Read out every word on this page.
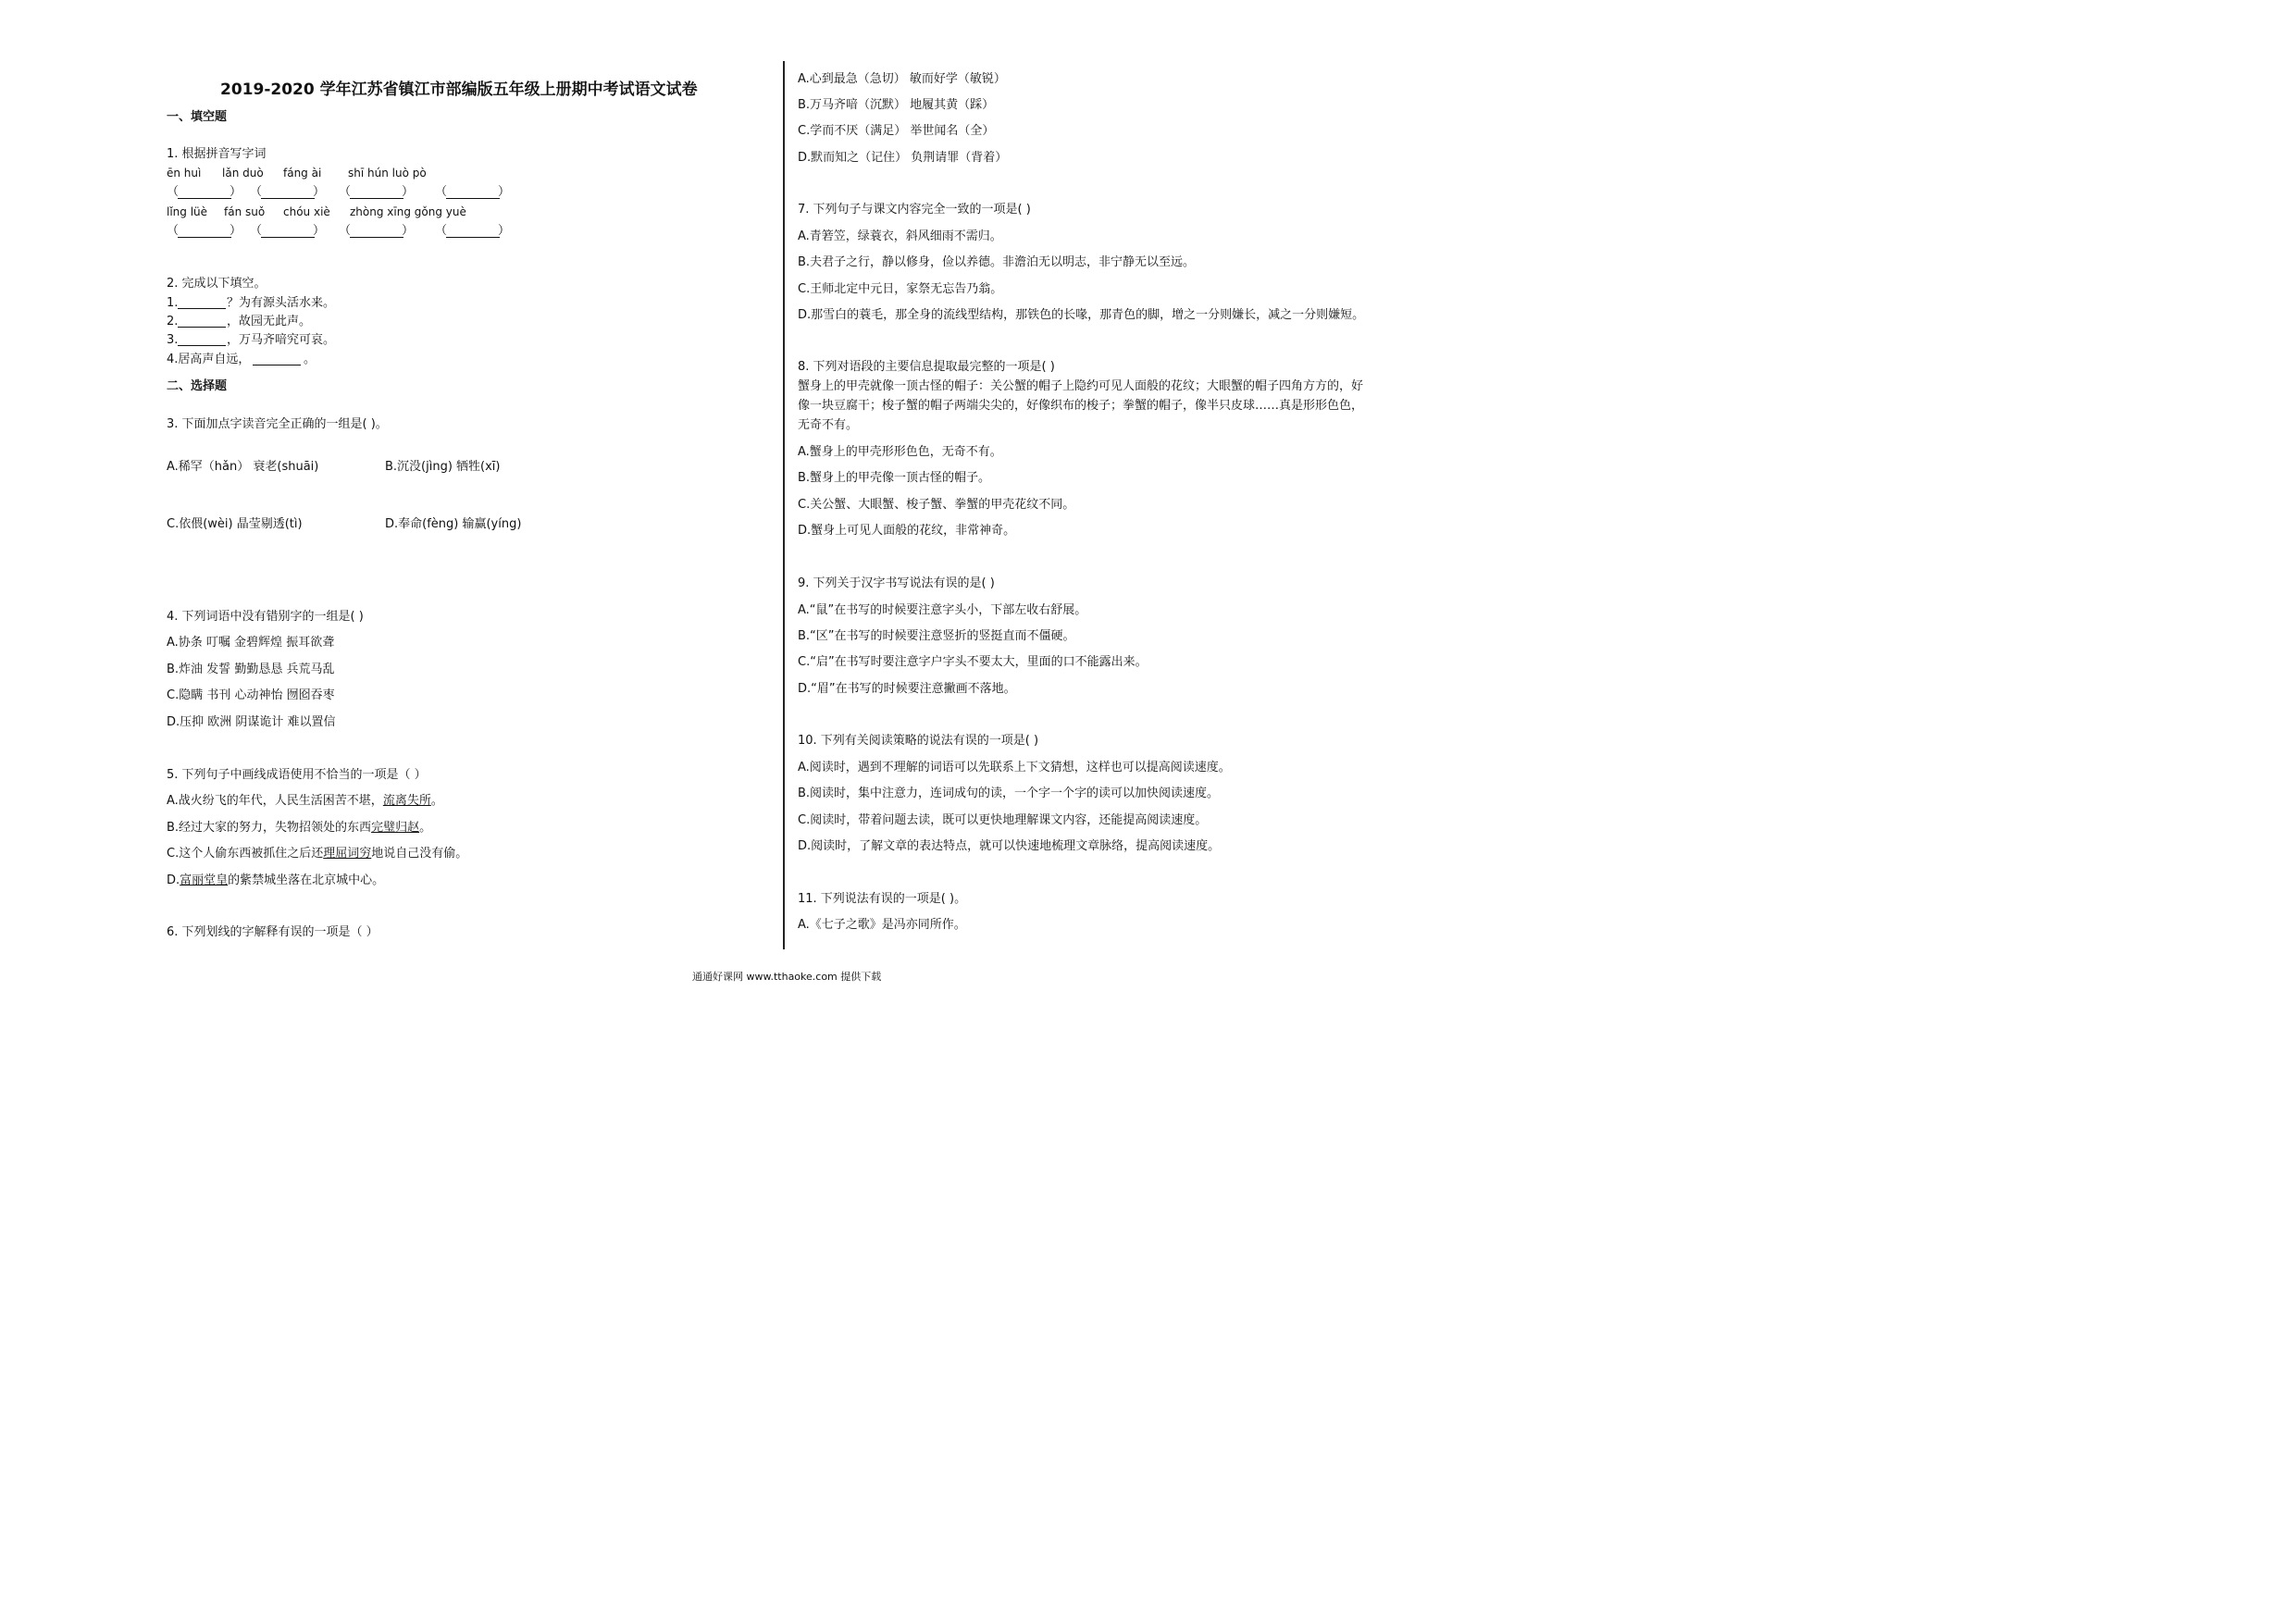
2019-2020 学年江苏省镇江市部编版五年级上册期中考试语文试卷
一、填空题
1. 根据拼音写字词
ēn huì lǎn duò fáng ài shī hún luò pò
（	） （	） （	） （	）
lǐng lüè fán suǒ chóu xiè zhòng xīng gǒng yuè
（	） （	） （	） （	）
2. 完成以下填空。
1.	？为有源头活水来。
2.	，故园无此声。
3.	，万马齐喑究可哀。
4.居高声自远，	。
二、选择题
3. 下面加点字读音完全正确的一组是( )。
A.稀罕（hǎn） 衰老(shuāi)	B.沉没(jìng) 牺牲(xī)
C.依偎(wèi) 晶莹剔透(tì)	D.奉命(fèng) 输赢(yíng)
4. 下列词语中没有错别字的一组是( )
A.协条 叮嘱 金碧辉煌 振耳欲聋
B.炸油 发誓 勤勤恳恳 兵荒马乱
C.隐瞒 书刊 心动神怡 囫囵吞枣
D.压抑 欧洲 阴谋诡计 难以置信
5. 下列句子中画线成语使用不恰当的一项是（ ）
A.战火纷飞的年代，人民生活困苦不堪，流离失所。
B.经过大家的努力，失物招领处的东西完璧归赵。
C.这个人偷东西被抓住之后还理屈词穷地说自己没有偷。
D.富丽堂皇的紫禁城坐落在北京城中心。
6. 下列划线的字解释有误的一项是（ ）
A.心到最急（急切） 敏而好学（敏锐）
B.万马齐喑（沉默） 地履其黄（踩）
C.学而不厌（满足） 举世闻名（全）
D.默而知之（记住） 负荆请罪（背着）
7. 下列句子与课文内容完全一致的一项是( )
A.青箬笠，绿蓑衣，斜风细雨不需归。
B.夫君子之行，静以修身，俭以养德。非澹泊无以明志，非宁静无以至远。
C.王师北定中元日，家祭无忘告乃翁。
D.那雪白的蓑毛，那全身的流线型结构，那铁色的长喙，那青色的脚，增之一分则嫌长，减之一分则嫌短。
8. 下列对语段的主要信息提取最完整的一项是( )
蟹身上的甲壳就像一顶古怪的帽子：关公蟹的帽子上隐约可见人面般的花纹；大眼蟹的帽子四角方方的，好
像一块豆腐干；梭子蟹的帽子两端尖尖的，好像织布的梭子；拳蟹的帽子，像半只皮球……真是形形色色，
无奇不有。
A.蟹身上的甲壳形形色色，无奇不有。
B.蟹身上的甲壳像一顶古怪的帽子。
C.关公蟹、大眼蟹、梭子蟹、拳蟹的甲壳花纹不同。
D.蟹身上可见人面般的花纹，非常神奇。
9. 下列关于汉字书写说法有误的是( )
A.“鼠”在书写的时候要注意字头小，下部左收右舒展。
B.“区”在书写的时候要注意竖折的竖挺直而不僵硬。
C.“启”在书写时要注意字户字头不要太大，里面的口不能露出来。
D.“眉”在书写的时候要注意撇画不落地。
10. 下列有关阅读策略的说法有误的一项是( )
A.阅读时，遇到不理解的词语可以先联系上下文猜想，这样也可以提高阅读速度。
B.阅读时，集中注意力，连词成句的读，一个字一个字的读可以加快阅读速度。
C.阅读时，带着问题去读，既可以更快地理解课文内容，还能提高阅读速度。
D.阅读时，了解文章的表达特点，就可以快速地梳理文章脉络，提高阅读速度。
11. 下列说法有误的一项是( )。
A.《七子之歌》是冯亦同所作。
通通好课网 www.tthaoke.com 提供下载
